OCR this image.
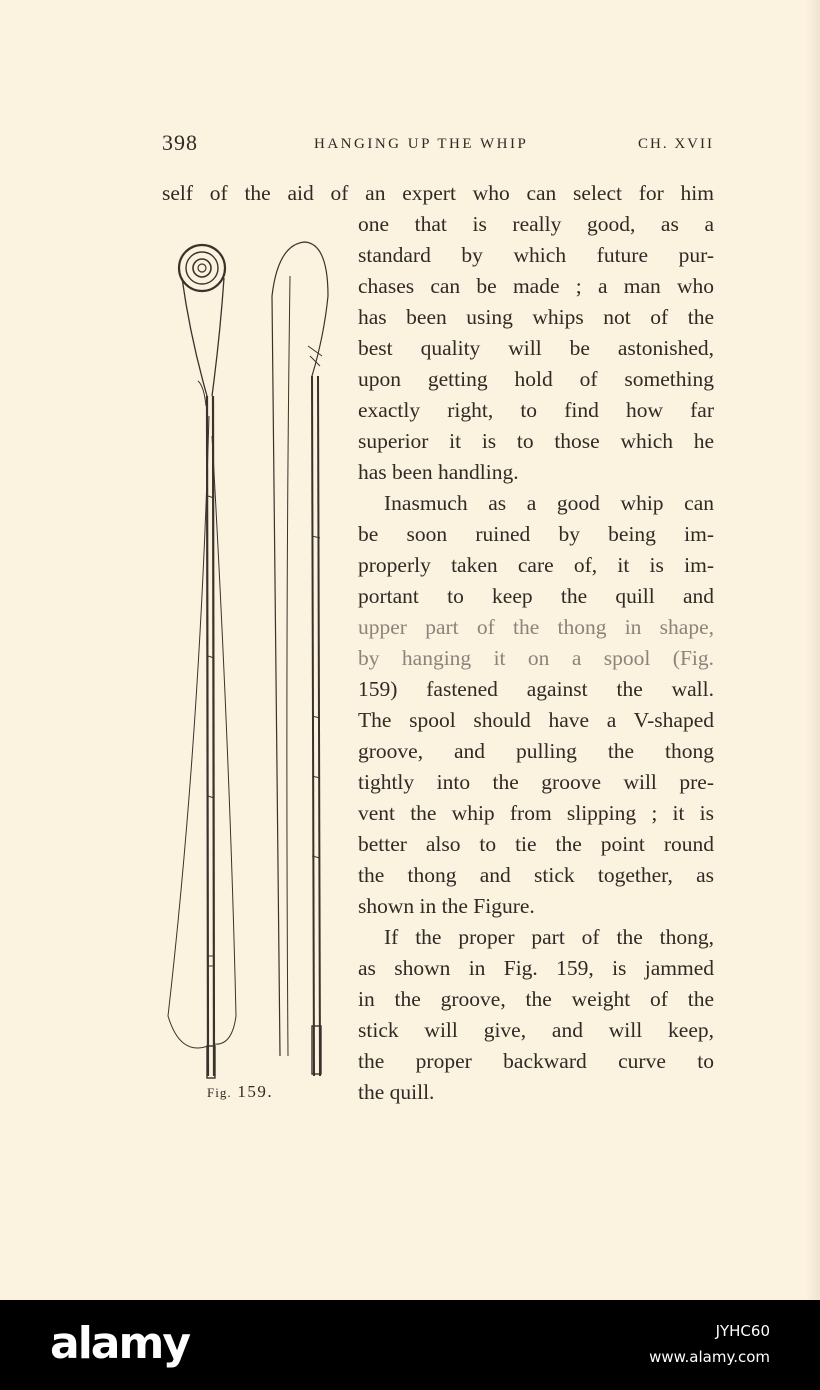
398	HANGING UP THE WHIP	CH. XVII
self of the aid of an expert who can select for him
one that is really good, as a
standard by which future pur-
chases can be made ; a man who
has been using whips not of the
best quality will be astonished,
upon getting hold of something
exactly right, to find how far
superior it is to those which he
has been handling.
Inasmuch as a good whip can
be soon ruined by being im-
properly taken care of, it is im-
portant to keep the quill and
upper part of the thong in shape,
by hanging it on a spool (Fig.
159) fastened against the wall.
The spool should have a V-shaped
groove, and pulling the thong
tightly into the groove will pre-
vent the whip from slipping ; it is
better also to tie the point round
the thong and stick together, as
shown in the Figure.
If the proper part of the thong,
as shown in Fig. 159, is jammed
in the groove, the weight of the
stick will give, and will keep,
the proper backward curve to
the quill.
Fig. 159.
alamy	JYHC60
www.alamy.com
